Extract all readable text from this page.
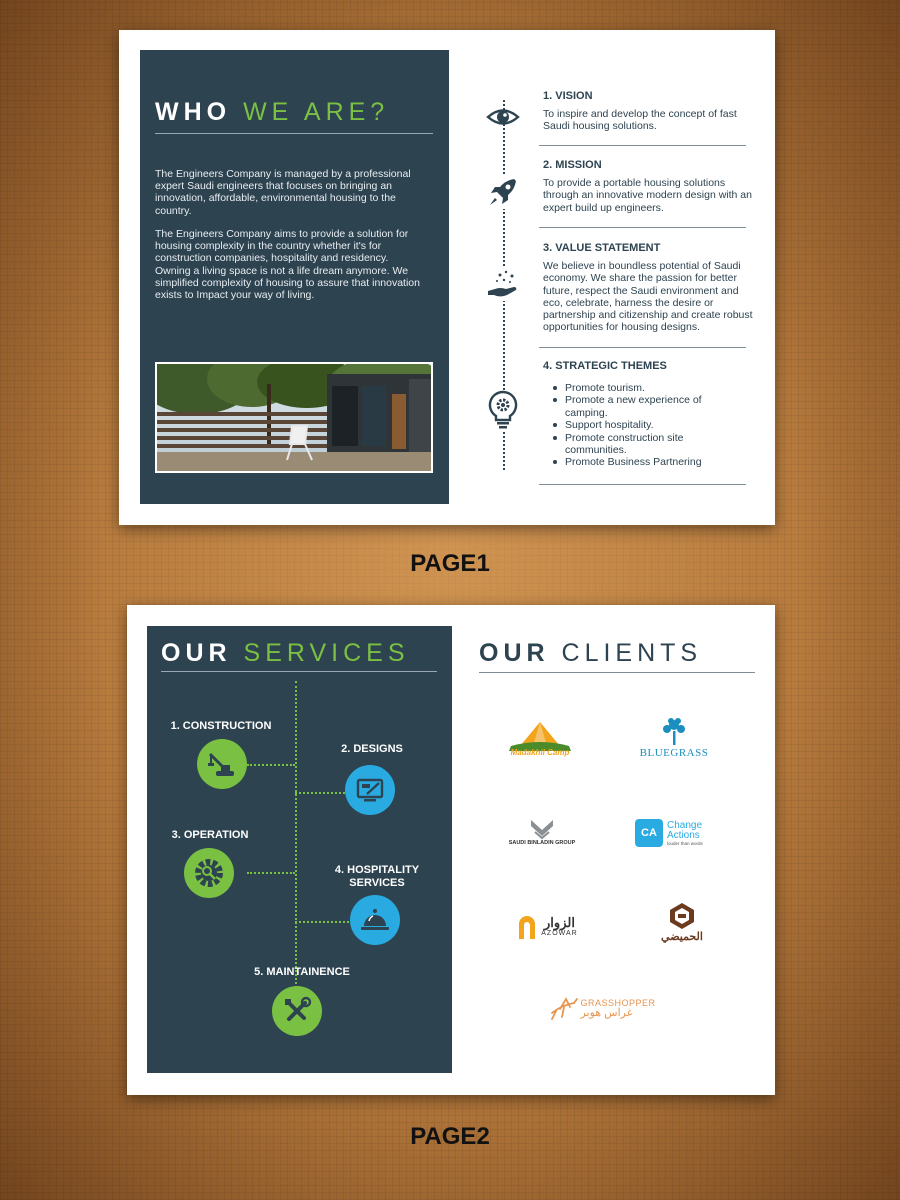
WHO WE ARE?

The Engineers Company is managed by a professional expert Saudi engineers that focuses on bringing an innovation, affordable, environmental housing to the country.

The Engineers Company aims to provide a solution for housing complexity in the country whether it's for construction companies, hospitality and residency. Owning a living space is not a life dream anymore. We simplified complexity of housing to assure that innovation exists to Impact your way of living.

1. VISION

To inspire and develop the concept of fast Saudi housing solutions.

2. MISSION

To provide a portable housing solutions through an innovative modern design with an expert build up engineers.

3. VALUE STATEMENT

We believe in boundless potential of Saudi economy. We share the passion for better future, respect the Saudi environment and eco, celebrate, harness the desire or partnership and citizenship and create robust opportunities for housing designs.

4. STRATEGIC THEMES
Promote tourism.
Promote a new experience of camping.
Support hospitality.
Promote construction site communities.
Promote Business Partnering
PAGE1
OUR SERVICES
1. CONSTRUCTION
2. DESIGNS
3. OPERATION
4. HOSPITALITY SERVICES
5. MAINTAINENCE
OUR CLIENTS
Madakhil Camp	BLUEGRASS
SAUDI BINLADIN GROUP
CA
Change Actions
louder than words
الزوار
AZOWAR	الحميضي
GRASSHOPPER
غراس هوبر
PAGE2
